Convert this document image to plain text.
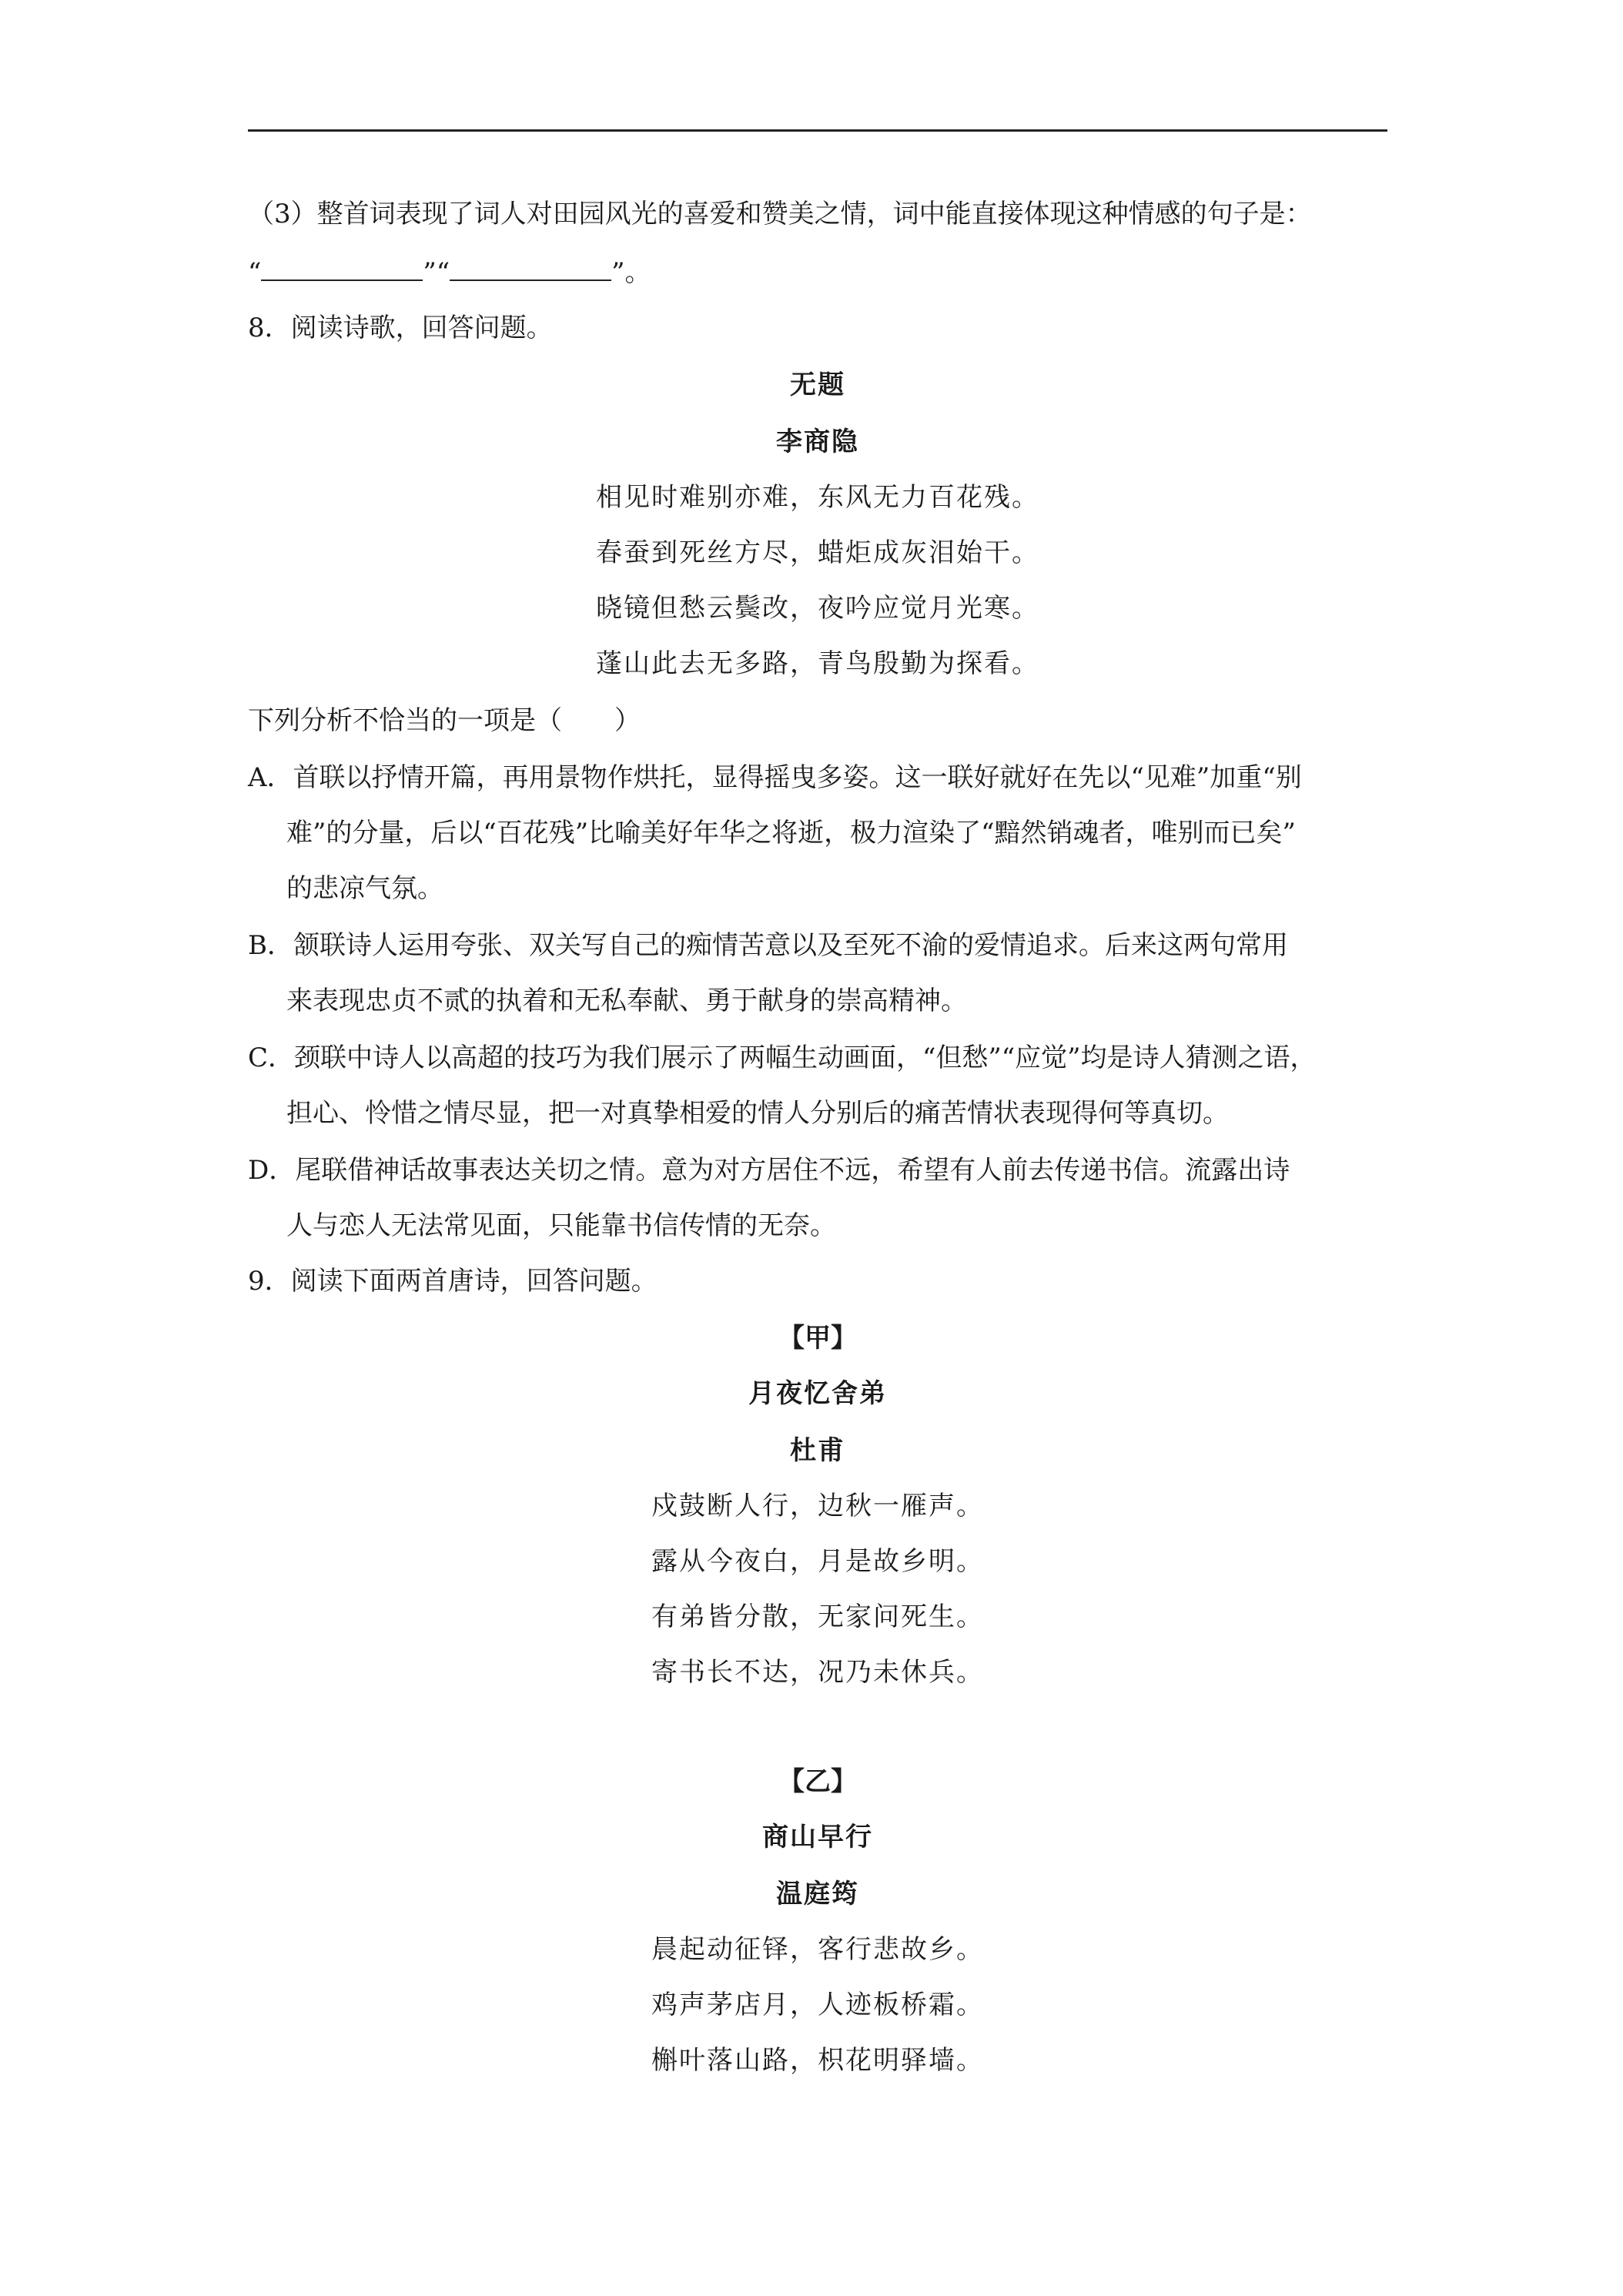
（3）整首词表现了词人对田园风光的喜爱和赞美之情，词中能直接体现这种情感的句子是：
“	”“	”。
8．阅读诗歌，回答问题。
无题
李商隐
相见时难别亦难，东风无力百花残。
春蚕到死丝方尽，蜡炬成灰泪始干。
晓镜但愁云鬓改，夜吟应觉月光寒。
蓬山此去无多路，青鸟殷勤为探看。
下列分析不恰当的一项是（　　）
A．首联以抒情开篇，再用景物作烘托，显得摇曳多姿。这一联好就好在先以“见难”加重“别
难”的分量，后以“百花残”比喻美好年华之将逝，极力渲染了“黯然销魂者，唯别而已矣”
的悲凉气氛。
B．颔联诗人运用夸张、双关写自己的痴情苦意以及至死不渝的爱情追求。后来这两句常用
来表现忠贞不贰的执着和无私奉献、勇于献身的崇高精神。
C．颈联中诗人以高超的技巧为我们展示了两幅生动画面，“但愁”“应觉”均是诗人猜测之语，
担心、怜惜之情尽显，把一对真挚相爱的情人分别后的痛苦情状表现得何等真切。
D．尾联借神话故事表达关切之情。意为对方居住不远，希望有人前去传递书信。流露出诗
人与恋人无法常见面，只能靠书信传情的无奈。
9．阅读下面两首唐诗，回答问题。
【甲】
月夜忆舍弟
杜甫
戍鼓断人行，边秋一雁声。
露从今夜白，月是故乡明。
有弟皆分散，无家问死生。
寄书长不达，况乃未休兵。
【乙】
商山早行
温庭筠
晨起动征铎，客行悲故乡。
鸡声茅店月，人迹板桥霜。
槲叶落山路，枳花明驿墙。
